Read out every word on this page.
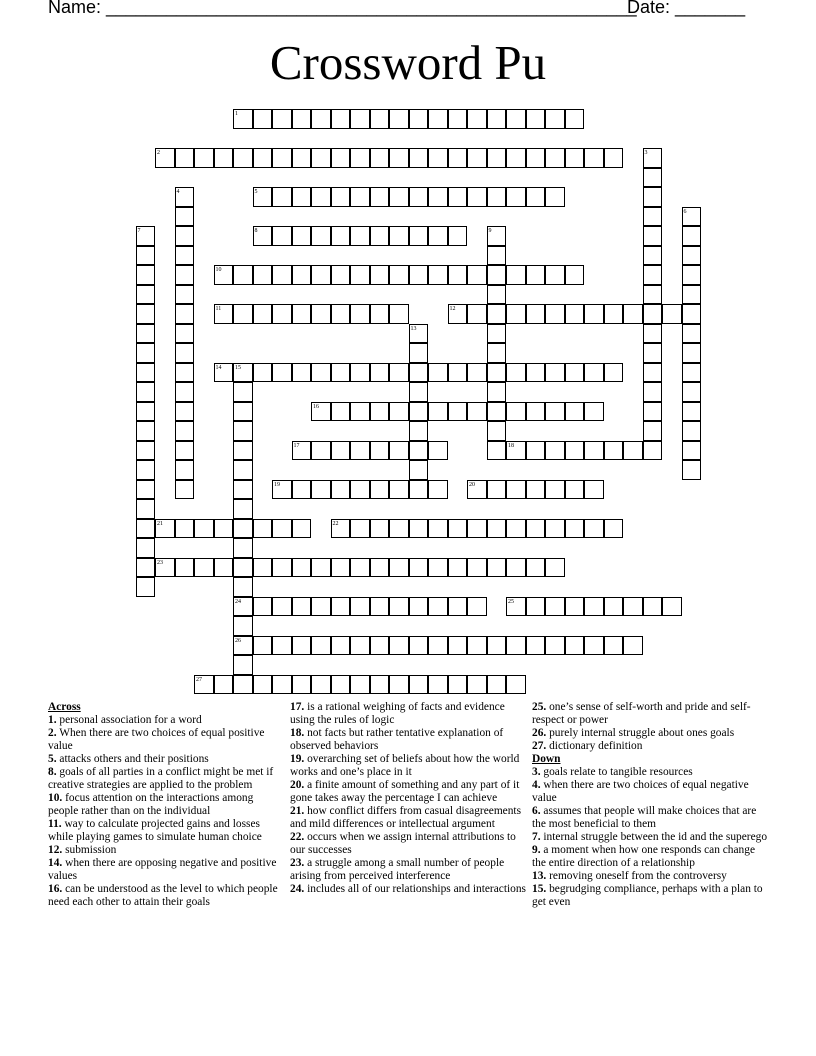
Name: _____________________________________________________
Date: _______
Crossword Pu
1
2	3
4	5
6
7	8	9
10
11	12
13
14 15
16
17	18
19	20
21	22
23
24	25
26
27
Across
1. personal association for a word
2. When there are two choices of equal positive value
5. attacks others and their positions
8. goals of all parties in a conflict might be met if creative strategies are applied to the problem
10. focus attention on the interactions among people rather than on the individual
11. way to calculate projected gains and losses while playing games to simulate human choice
12. submission
14. when there are opposing negative and positive values
16. can be understood as the level to which people need each other to attain their goals
17. is a rational weighing of facts and evidence using the rules of logic
18. not facts but rather tentative explanation of observed behaviors
19. overarching set of beliefs about how the world works and one’s place in it
20. a finite amount of something and any part of it gone takes away the percentage I can achieve
21. how conflict differs from casual disagreements and mild differences or intellectual argument
22. occurs when we assign internal attributions to our successes
23. a struggle among a small number of people arising from perceived interference
24. includes all of our relationships and interactions
25. one’s sense of self-worth and pride and self-respect or power
26. purely internal struggle about ones goals
27. dictionary definition
Down
3. goals relate to tangible resources
4. when there are two choices of equal negative value
6. assumes that people will make choices that are the most beneficial to them
7. internal struggle between the id and the superego
9. a moment when how one responds can change the entire direction of a relationship
13. removing oneself from the controversy
15. begrudging compliance, perhaps with a plan to get even
